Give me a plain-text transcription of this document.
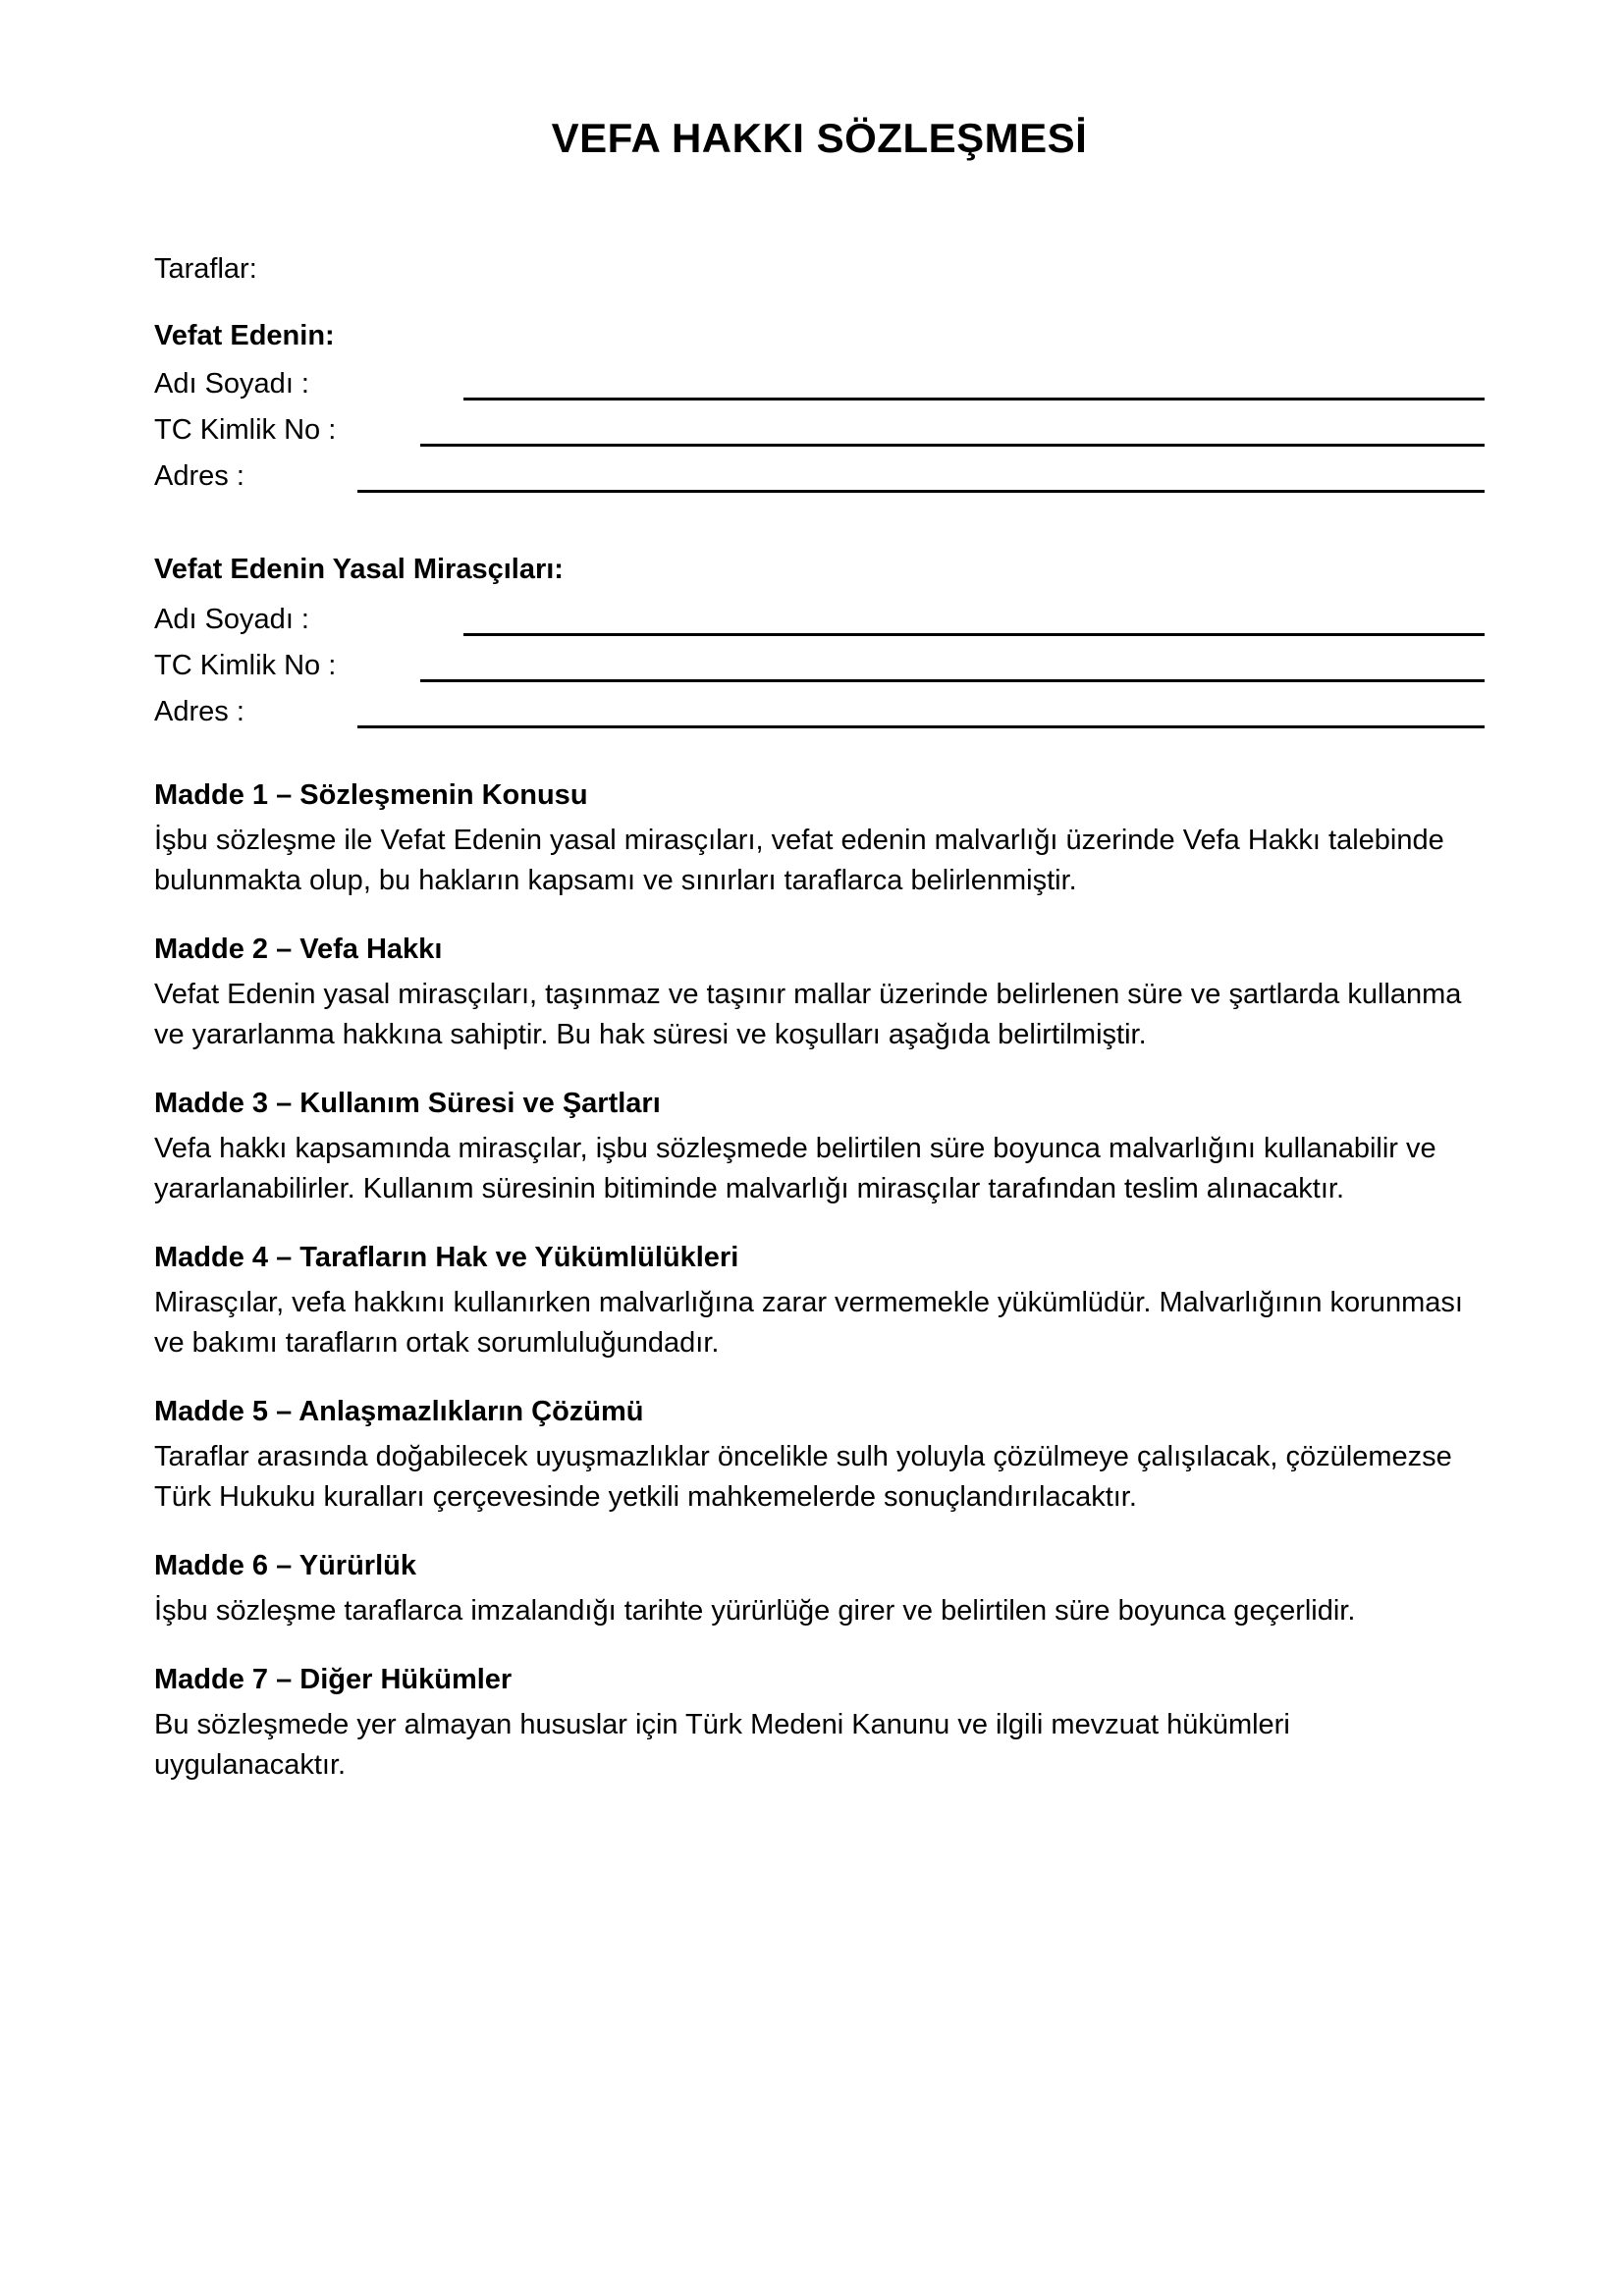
VEFA HAKKI SÖZLEŞMESİ
Taraflar:
Vefat Edenin:
Adı Soyadı :
TC Kimlik No :
Adres :
Vefat Edenin Yasal Mirasçıları:
Adı Soyadı :
TC Kimlik No :
Adres :
Madde 1 – Sözleşmenin Konusu

İşbu sözleşme ile Vefat Edenin yasal mirasçıları, vefat edenin malvarlığı üzerinde Vefa Hakkı talebinde bulunmakta olup, bu hakların kapsamı ve sınırları taraflarca belirlenmiştir.

Madde 2 – Vefa Hakkı

Vefat Edenin yasal mirasçıları, taşınmaz ve taşınır mallar üzerinde belirlenen süre ve şartlarda kullanma ve yararlanma hakkına sahiptir. Bu hak süresi ve koşulları aşağıda belirtilmiştir.

Madde 3 – Kullanım Süresi ve Şartları

Vefa hakkı kapsamında mirasçılar, işbu sözleşmede belirtilen süre boyunca malvarlığını kullanabilir ve yararlanabilirler. Kullanım süresinin bitiminde malvarlığı mirasçılar tarafından teslim alınacaktır.

Madde 4 – Tarafların Hak ve Yükümlülükleri

Mirasçılar, vefa hakkını kullanırken malvarlığına zarar vermemekle yükümlüdür. Malvarlığının korunması ve bakımı tarafların ortak sorumluluğundadır.

Madde 5 – Anlaşmazlıkların Çözümü

Taraflar arasında doğabilecek uyuşmazlıklar öncelikle sulh yoluyla çözülmeye çalışılacak, çözülemezse Türk Hukuku kuralları çerçevesinde yetkili mahkemelerde sonuçlandırılacaktır.

Madde 6 – Yürürlük

İşbu sözleşme taraflarca imzalandığı tarihte yürürlüğe girer ve belirtilen süre boyunca geçerlidir.

Madde 7 – Diğer Hükümler

Bu sözleşmede yer almayan hususlar için Türk Medeni Kanunu ve ilgili mevzuat hükümleri uygulanacaktır.
